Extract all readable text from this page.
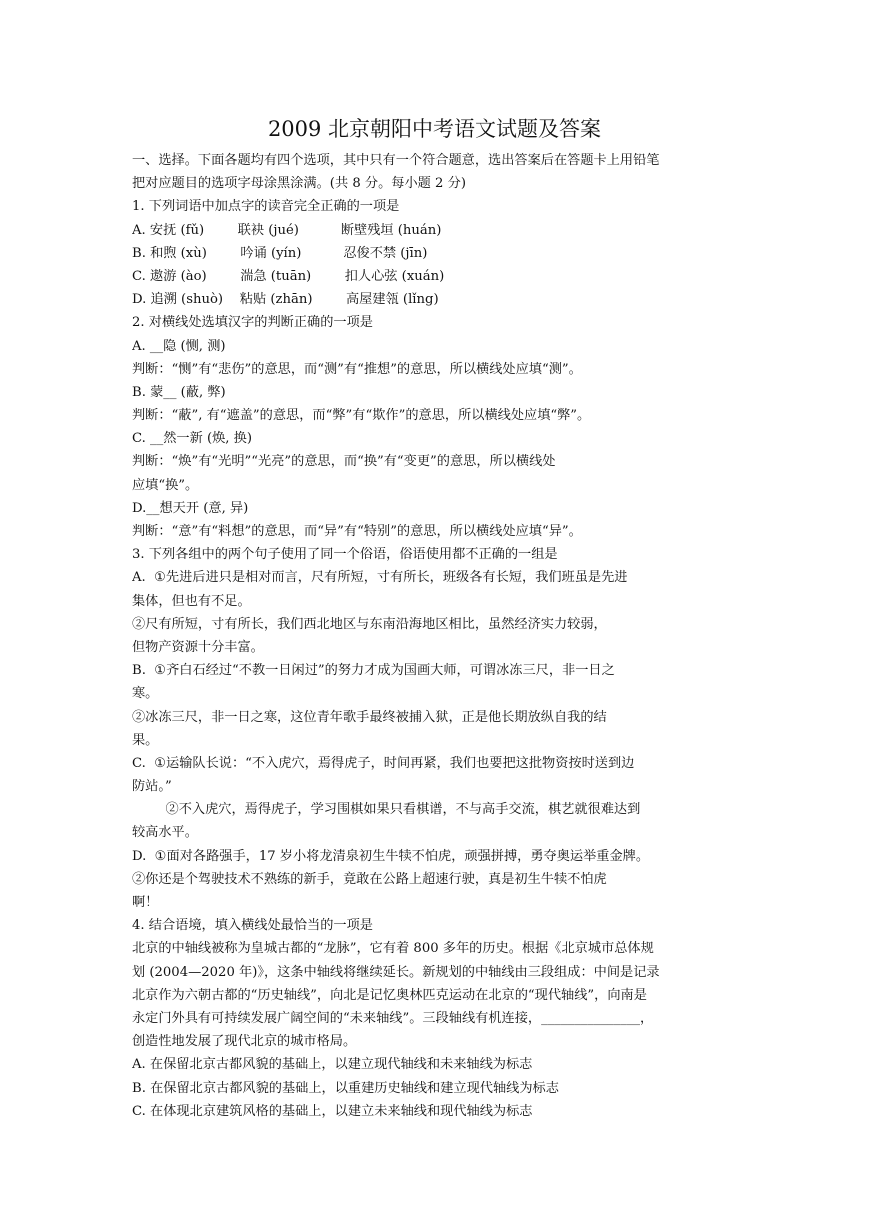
2009 北京朝阳中考语文试题及答案
一、选择。下面各题均有四个选项，其中只有一个符合题意，选出答案后在答题卡上用铅笔
把对应题目的选项字母涂黑涂满。(共 8 分。每小题 2 分)
1. 下列词语中加点字的读音完全正确的一项是
A. 安抚 (fǔ)        联袂 (jué)          断壁残垣 (huán)
B. 和煦 (xù)        吟诵 (yín)          忍俊不禁 (jīn)
C. 遨游 (ào)        湍急 (tuān)        扣人心弦 (xuán)
D. 追溯 (shuò)    粘贴 (zhān)        高屋建瓴 (lǐng)
2. 对横线处选填汉字的判断正确的一项是
A. __隐 (恻, 测)
判断：“恻”有“悲伤”的意思，而“测”有“推想”的意思，所以横线处应填“测”。
B. 蒙__ (蔽, 弊)
判断：“蔽”, 有“遮盖”的意思，而“弊”有“欺作”的意思，所以横线处应填“弊”。
C. __然一新 (焕, 换)
判断：“焕”有“光明”“光亮”的意思，而“换”有“变更”的意思，所以横线处
应填“换”。
D.__想天开 (意, 异)
判断：“意”有“料想”的意思，而“异”有“特别”的意思，所以横线处应填“异”。
3. 下列各组中的两个句子使用了同一个俗语，俗语使用都不正确的一组是
A.  ①先进后进只是相对而言，尺有所短，寸有所长，班级各有长短，我们班虽是先进
集体，但也有不足。
②尺有所短，寸有所长，我们西北地区与东南沿海地区相比，虽然经济实力较弱，
但物产资源十分丰富。
B.  ①齐白石经过“不教一日闲过”的努力才成为国画大师，可谓冰冻三尺，非一日之
寒。
②冰冻三尺，非一日之寒，这位青年歌手最终被捕入狱，正是他长期放纵自我的结
果。
C.  ①运输队长说：“不入虎穴，焉得虎子，时间再紧，我们也要把这批物资按时送到边
防站。”
②不入虎穴，焉得虎子，学习围棋如果只看棋谱，不与高手交流，棋艺就很难达到
较高水平。
D.  ①面对各路强手，17 岁小将龙清泉初生牛犊不怕虎，顽强拼搏，勇夺奥运举重金牌。
②你还是个驾驶技术不熟练的新手，竟敢在公路上超速行驶，真是初生牛犊不怕虎
啊！
4. 结合语境，填入横线处最恰当的一项是
北京的中轴线被称为皇城古都的“龙脉”，它有着 800 多年的历史。根据《北京城市总体规
划 (2004—2020 年)》，这条中轴线将继续延长。新规划的中轴线由三段组成：中间是记录
北京作为六朝古都的“历史轴线”，向北是记忆奥林匹克运动在北京的“现代轴线”，向南是
永定门外具有可持续发展广阔空间的“未来轴线”。三段轴线有机连接，_______________，
创造性地发展了现代北京的城市格局。
A. 在保留北京古都风貌的基础上，以建立现代轴线和未来轴线为标志
B. 在保留北京古都风貌的基础上，以重建历史轴线和建立现代轴线为标志
C. 在体现北京建筑风格的基础上，以建立未来轴线和现代轴线为标志
